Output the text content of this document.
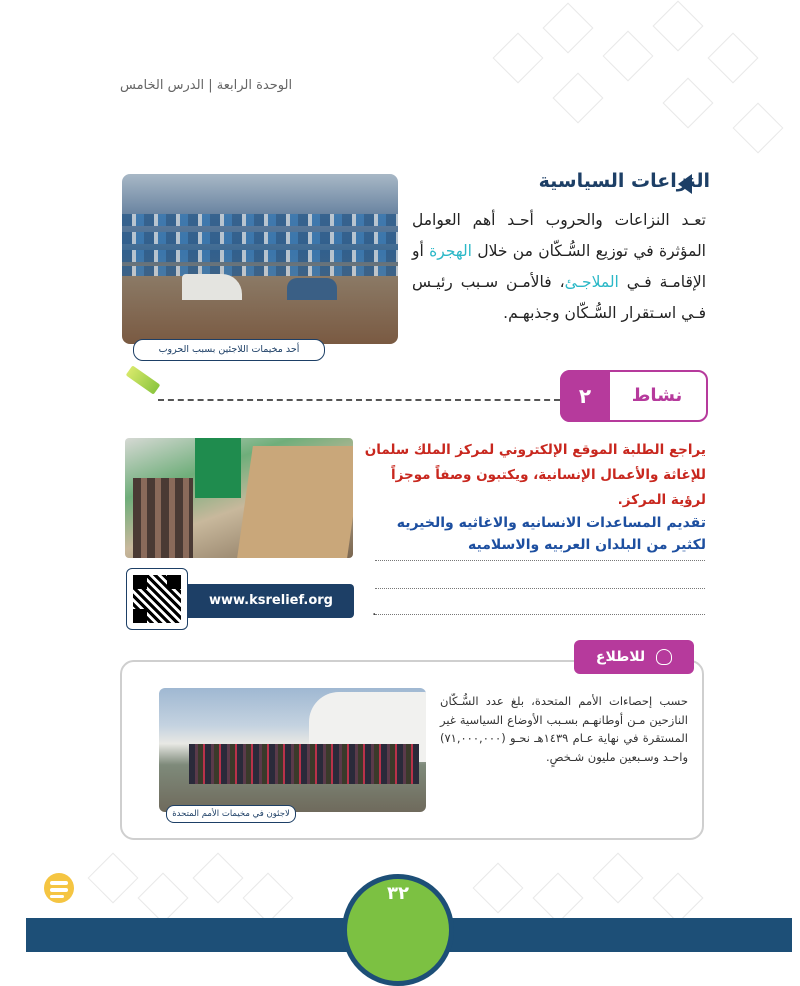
الوحدة الرابعة | الدرس الخامس
النزاعات السياسية
تعـد النزاعات والحروب أحـد أهم العوامل المؤثرة في توزيع السُّـكّان من خلال الهجرة أو الإقامـة فـي الملاجـئ، فالأمـن سـبب رئيـس فـي اسـتقرار السُّـكّان وجذبهـم.
أحد مخيمات اللاجئين بسبب الحروب
٢	نشاط
يراجع الطلبة الموقع الإلكتروني لمركز الملك سلمان للإغاثة والأعمال الإنسانية، ويكتبون وصفاً موجزاً لرؤية المركز.
تقديم المساعدات الانسانيه والاغاثيه والخيريه لكثير من البلدان العربيه والاسلاميه
.
www.ksrelief.org
للاطلاع
لاجئون في مخيمات الأمم المتحدة
حسب إحصاءات الأمم المتحدة، بلغ عدد السُّـكّان النازحين مـن أوطانهـم بسـبب الأوضاع السياسية غير المستقرة في نهاية عـام ١٤٣٩هـ نحـو (٧١,٠٠٠,٠٠٠) واحـد وسـبعين مليون شـخصٍ.
٣٢
